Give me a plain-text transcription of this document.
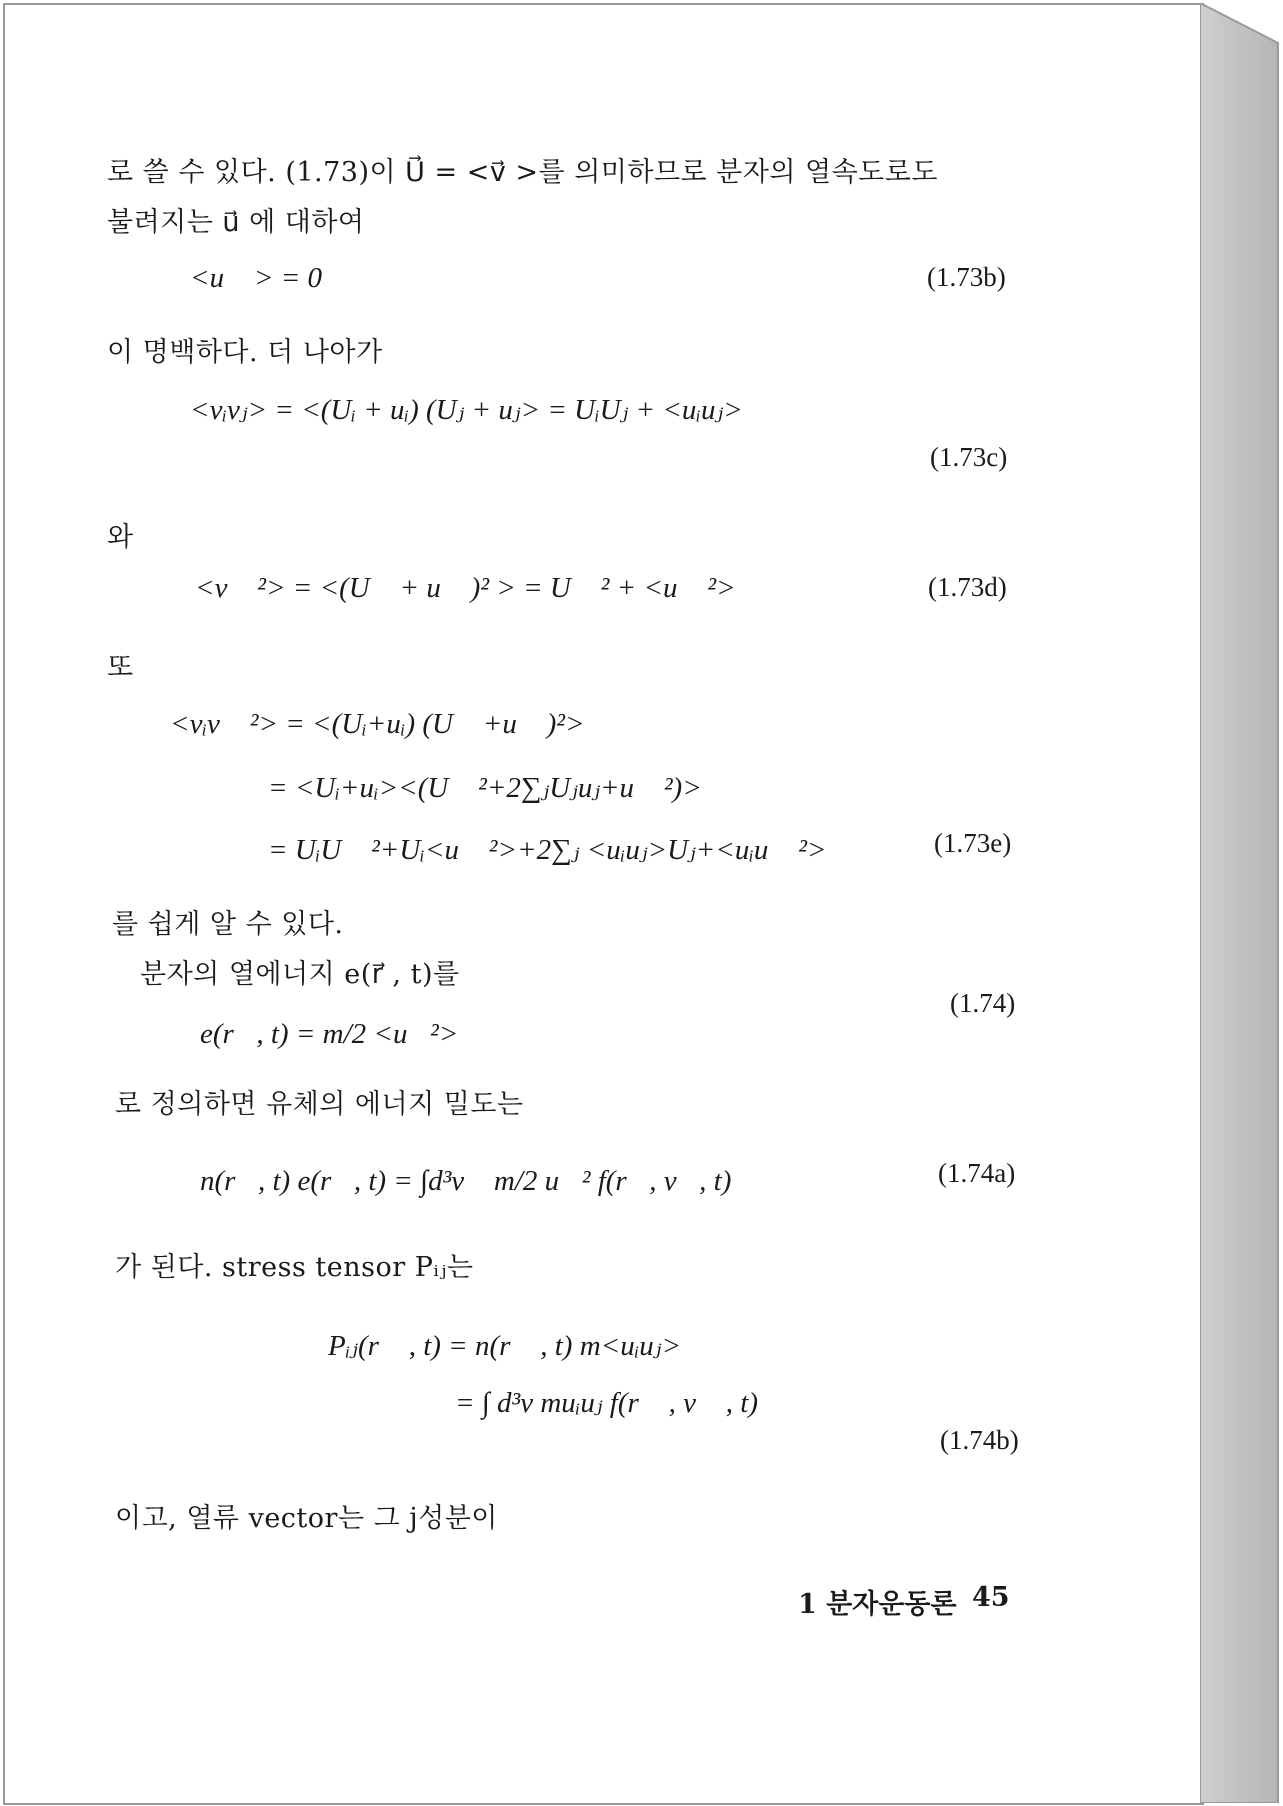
로 쓸 수 있다. (1.73)이 U⃗ = <v⃗ >를 의미하므로 분자의 열속도로도
불려지는 u⃗ 에 대하여
<u⃗ > = 0	(1.73b)
이 명백하다. 더 나아가
<vᵢvⱼ> = <(Uᵢ + uᵢ) (Uⱼ + uⱼ> = UᵢUⱼ + <uᵢuⱼ>
(1.73c)
와
<v⃗ ²> = <(U⃗ + u⃗ )² > = U⃗ ² + <u⃗ ²>	(1.73d)
또
<vᵢv⃗ ²> = <(Uᵢ+uᵢ) (U⃗ +u⃗ )²>
= <Uᵢ+uᵢ><(U⃗ ²+2∑ⱼUⱼuⱼ+u⃗ ²)>
= UᵢU⃗ ²+Uᵢ<u⃗ ²>+2∑ⱼ <uᵢuⱼ>Uⱼ+<uᵢu⃗ ²>	(1.73e)
를 쉽게 알 수 있다.
분자의 열에너지 e(r⃗ , t)를
(1.74)
e(r⃗, t) = m/2 <u⃗²>
로 정의하면 유체의 에너지 밀도는
n(r⃗, t) e(r⃗, t) = ∫d³v⃗ m/2 u⃗² f(r⃗, v⃗, t)	(1.74a)
가 된다. stress tensor Pᵢⱼ는
Pᵢⱼ(r⃗ , t) = n(r⃗ , t) m<uᵢuⱼ>
= ∫ d³v muᵢuⱼ f(r⃗ , v⃗ , t)
(1.74b)
이고, 열류 vector는 그 j성분이
1 분자운동론 45
